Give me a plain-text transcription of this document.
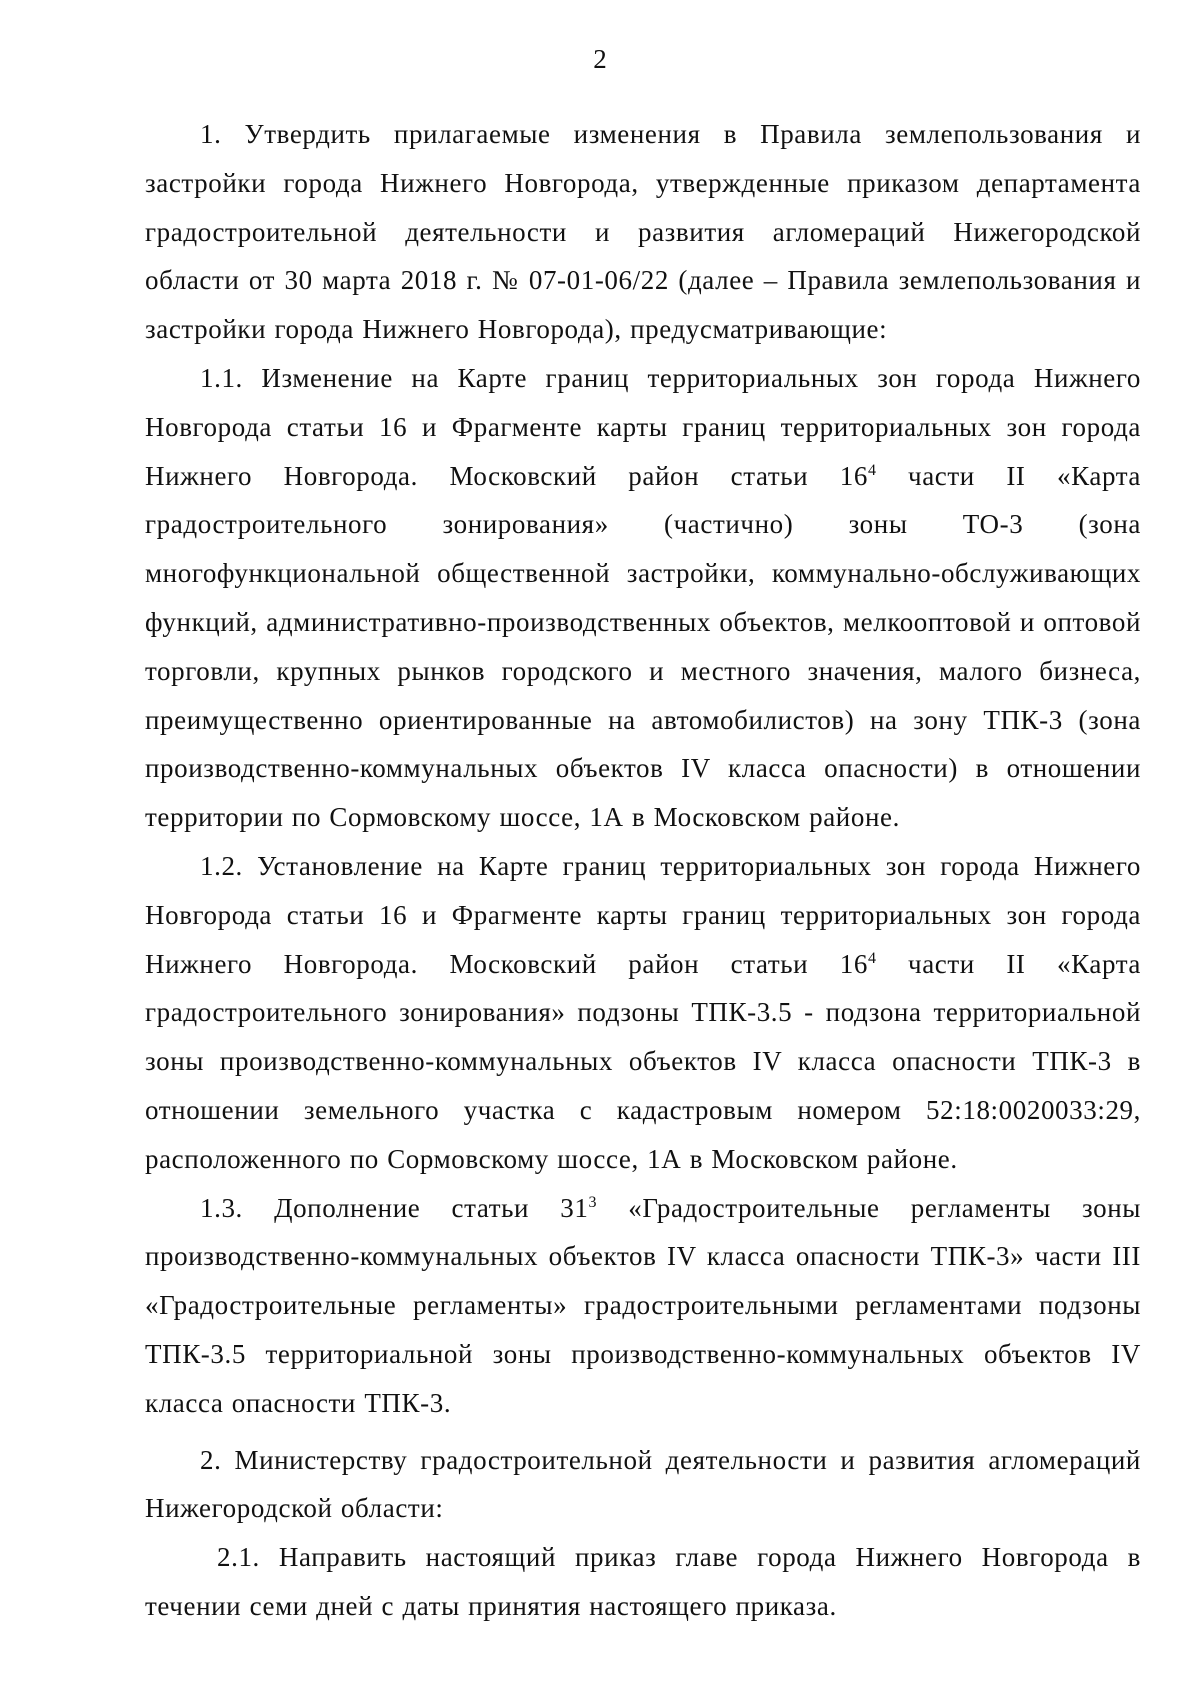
2

1. Утвердить прилагаемые изменения в Правила землепользования и застройки города Нижнего Новгорода, утвержденные приказом департамента градостроительной деятельности и развития агломераций Нижегородской области от 30 марта 2018 г. № 07-01-06/22 (далее – Правила землепользования и застройки города Нижнего Новгорода), предусматривающие:

1.1. Изменение на Карте границ территориальных зон города Нижнего Новгорода статьи 16 и Фрагменте карты границ территориальных зон города Нижнего Новгорода. Московский район статьи $16^4$ части II «Карта градостроительного зонирования» (частично) зоны ТО-3 (зона многофункциональной общественной застройки, коммунально-обслуживающих функций, административно-производственных объектов, мелкооптовой и оптовой торговли, крупных рынков городского и местного значения, малого бизнеса, преимущественно ориентированные на автомобилистов) на зону ТПК-3 (зона производственно-коммунальных объектов IV класса опасности) в отношении территории по Сормовскому шоссе, 1А в Московском районе.

1.2. Установление на Карте границ территориальных зон города Нижнего Новгорода статьи 16 и Фрагменте карты границ территориальных зон города Нижнего Новгорода. Московский район статьи $16^4$ части II «Карта градостроительного зонирования» подзоны ТПК-3.5 - подзона территориальной зоны производственно-коммунальных объектов IV класса опасности ТПК-3 в отношении земельного участка с кадастровым номером 52:18:0020033:29, расположенного по Сормовскому шоссе, 1А в Московском районе.

1.3. Дополнение статьи $31^3$ «Градостроительные регламенты зоны производственно-коммунальных объектов IV класса опасности ТПК-3» части III «Градостроительные регламенты» градостроительными регламентами подзоны ТПК-3.5 территориальной зоны производственно-коммунальных объектов IV класса опасности ТПК-3.

2. Министерству градостроительной деятельности и развития агломераций Нижегородской области:

2.1. Направить настоящий приказ главе города Нижнего Новгорода в течении семи дней с даты принятия настоящего приказа.
